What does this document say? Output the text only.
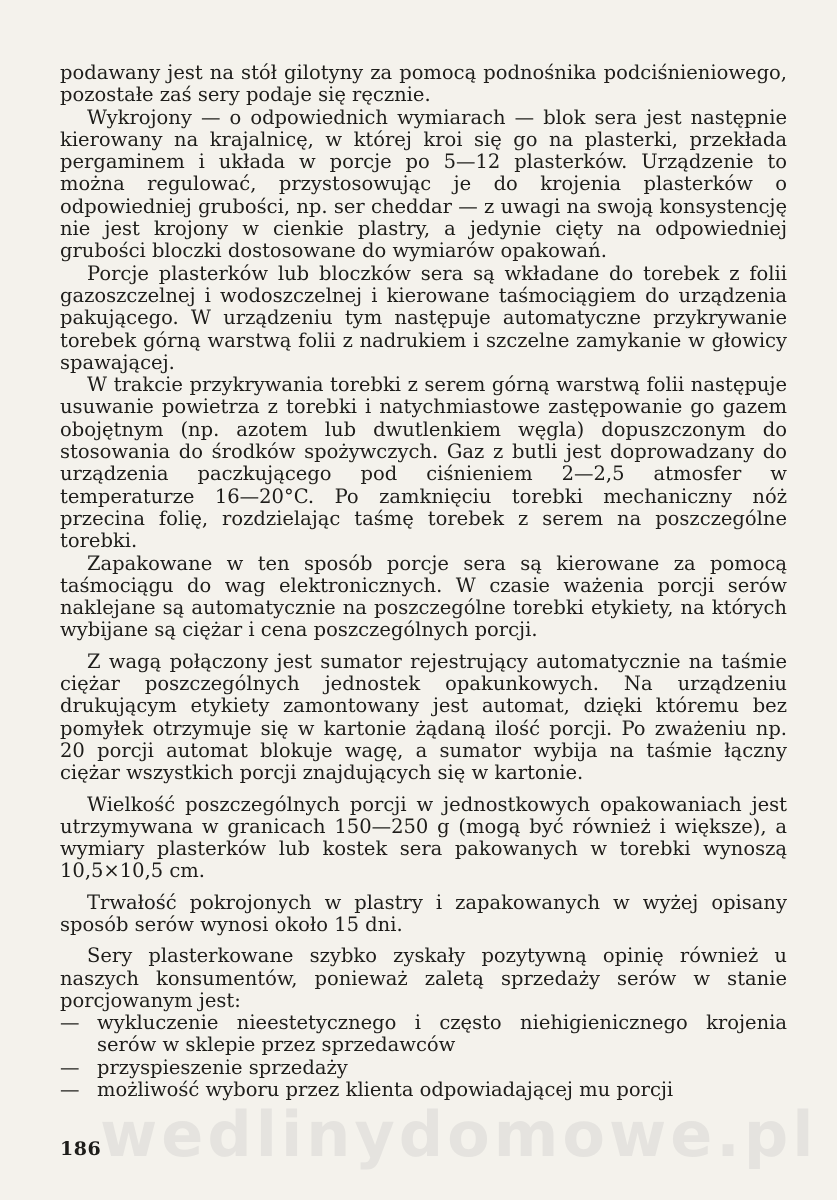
podawany jest na stół gilotyny za pomocą podnośnika podciśnieniowego, pozostałe zaś sery podaje się ręcznie.

Wykrojony — o odpowiednich wymiarach — blok sera jest następnie kierowany na krajalnicę, w której kroi się go na plasterki, przekłada pergaminem i układa w porcje po 5—12 plasterków. Urządzenie to można regulować, przystosowując je do krojenia plasterków o odpowiedniej grubości, np. ser cheddar — z uwagi na swoją konsystencję nie jest krojony w cienkie plastry, a jedynie cięty na odpowiedniej grubości bloczki dostosowane do wymiarów opakowań.

Porcje plasterków lub bloczków sera są wkładane do torebek z folii gazoszczelnej i wodoszczelnej i kierowane taśmociągiem do urządzenia pakującego. W urządzeniu tym następuje automatyczne przykrywanie torebek górną warstwą folii z nadrukiem i szczelne zamykanie w głowicy spawającej.

W trakcie przykrywania torebki z serem górną warstwą folii następuje usuwanie powietrza z torebki i natychmiastowe zastępowanie go gazem obojętnym (np. azotem lub dwutlenkiem węgla) dopuszczonym do stosowania do środków spożywczych. Gaz z butli jest doprowadzany do urządzenia paczkującego pod ciśnieniem 2—2,5 atmosfer w temperaturze 16—20°C. Po zamknięciu torebki mechaniczny nóż przecina folię, rozdzielając taśmę torebek z serem na poszczególne torebki.

Zapakowane w ten sposób porcje sera są kierowane za pomocą taśmociągu do wag elektronicznych. W czasie ważenia porcji serów naklejane są automatycznie na poszczególne torebki etykiety, na których wybijane są ciężar i cena poszczególnych porcji.

Z wagą połączony jest sumator rejestrujący automatycznie na taśmie ciężar poszczególnych jednostek opakunkowych. Na urządzeniu drukującym etykiety zamontowany jest automat, dzięki któremu bez pomyłek otrzymuje się w kartonie żądaną ilość porcji. Po zważeniu np. 20 porcji automat blokuje wagę, a sumator wybija na taśmie łączny ciężar wszystkich porcji znajdujących się w kartonie.

Wielkość poszczególnych porcji w jednostkowych opakowaniach jest utrzymywana w granicach 150—250 g (mogą być również i większe), a wymiary plasterków lub kostek sera pakowanych w torebki wynoszą 10,5×10,5 cm.

Trwałość pokrojonych w plastry i zapakowanych w wyżej opisany sposób serów wynosi około 15 dni.

Sery plasterkowane szybko zyskały pozytywną opinię również u naszych konsumentów, ponieważ zaletą sprzedaży serów w stanie porcjowanym jest:

— wykluczenie nieestetycznego i często niehigienicznego krojenia serów w sklepie przez sprzedawców
— przyspieszenie sprzedaży
— możliwość wyboru przez klienta odpowiadającej mu porcji
wedlinydomowe.pl
186
